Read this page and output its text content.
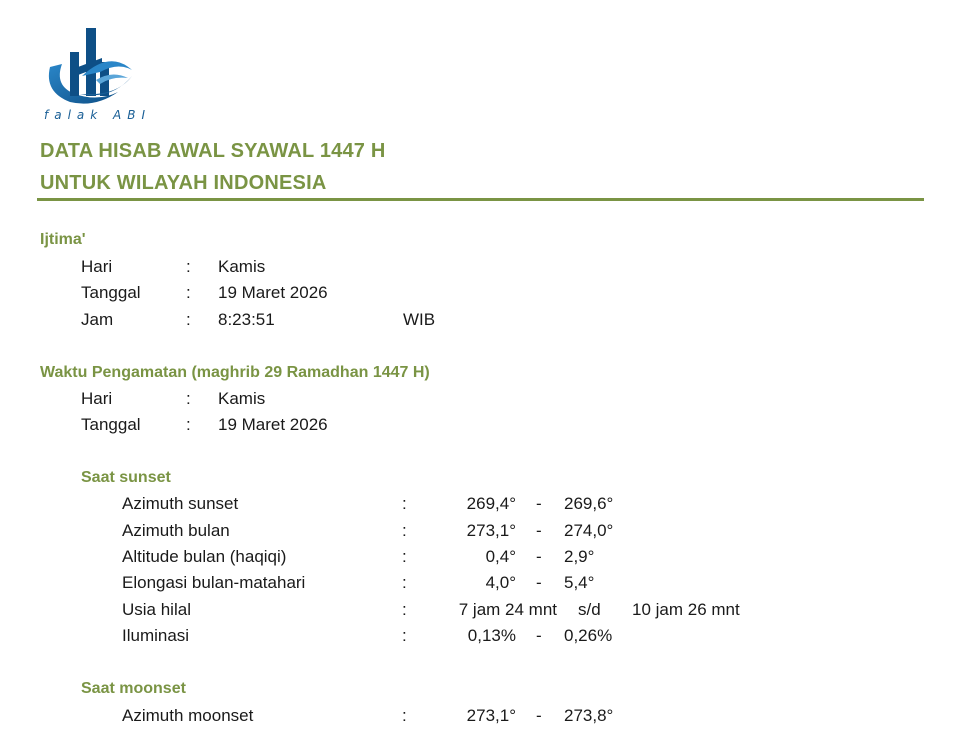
falak ABI
DATA HISAB AWAL SYAWAL 1447 H
UNTUK WILAYAH INDONESIA
Ijtima'
Hari	: Kamis
Tanggal	: 19 Maret 2026
Jam	: 8:23:51	WIB
Waktu Pengamatan (maghrib 29 Ramadhan 1447 H)
Hari	: Kamis
Tanggal	: 19 Maret 2026
Saat sunset
Azimuth sunset	:	269,4° - 269,6°
Azimuth bulan	:	273,1° - 274,0°
Altitude bulan (haqiqi)	:	0,4° - 2,9°
Elongasi bulan-matahari	:	4,0° - 5,4°
Usia hilal	:	7 jam 24 mnt s/d 10 jam 26 mnt
Iluminasi	:	0,13% - 0,26%
Saat moonset
Azimuth moonset	:	273,1° - 273,8°
